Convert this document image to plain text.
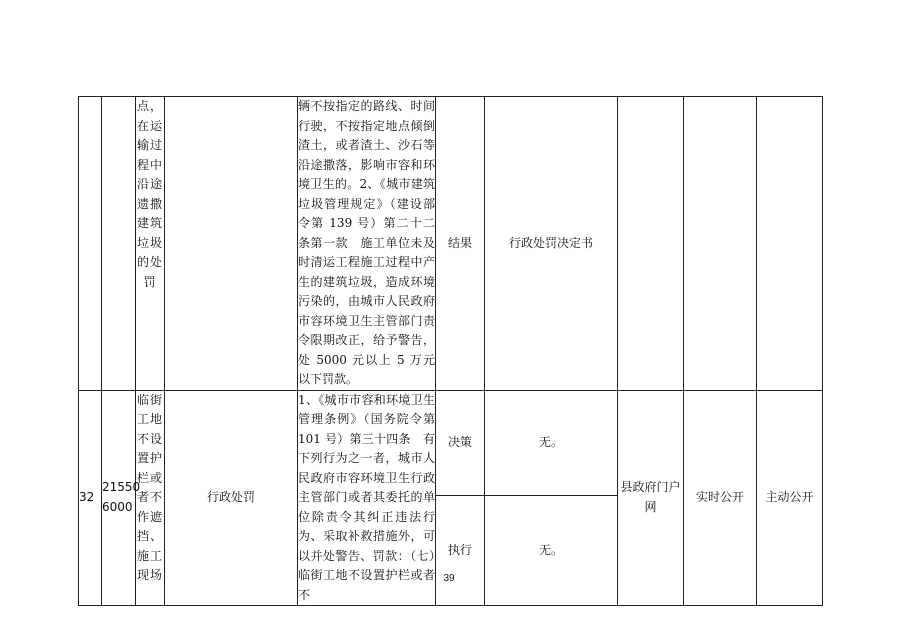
		点，在运输过程中沿途遗撒建筑垃圾的处罚		辆不按指定的路线、时间行驶，不按指定地点倾倒渣土，或者渣土、沙石等沿途撒落，影响市容和环境卫生的。2、《城市建筑垃圾管理规定》（建设部令第 139 号）第二十二条第一款　施工单位未及时清运工程施工过程中产生的建筑垃圾，造成环境污染的，由城市人民政府市容环境卫生主管部门责令限期改正，给予警告，处 5000 元以上 5 万元以下罚款。	结果	行政处罚决定书			
32	21550 6000	临街工地不设置护栏或者不作遮挡、施工现场	行政处罚	1、《城市市容和环境卫生管理条例》（国务院令第101 号）第三十四条　有下列行为之一者，城市人民政府市容环境卫生行政主管部门或者其委托的单位除责令其纠正违法行为、采取补救措施外，可以并处警告、罚款：（七）临街工地不设置护栏或者不	决策	无。	县政府门户网	实时公开	主动公开
					执行	无。			
39
